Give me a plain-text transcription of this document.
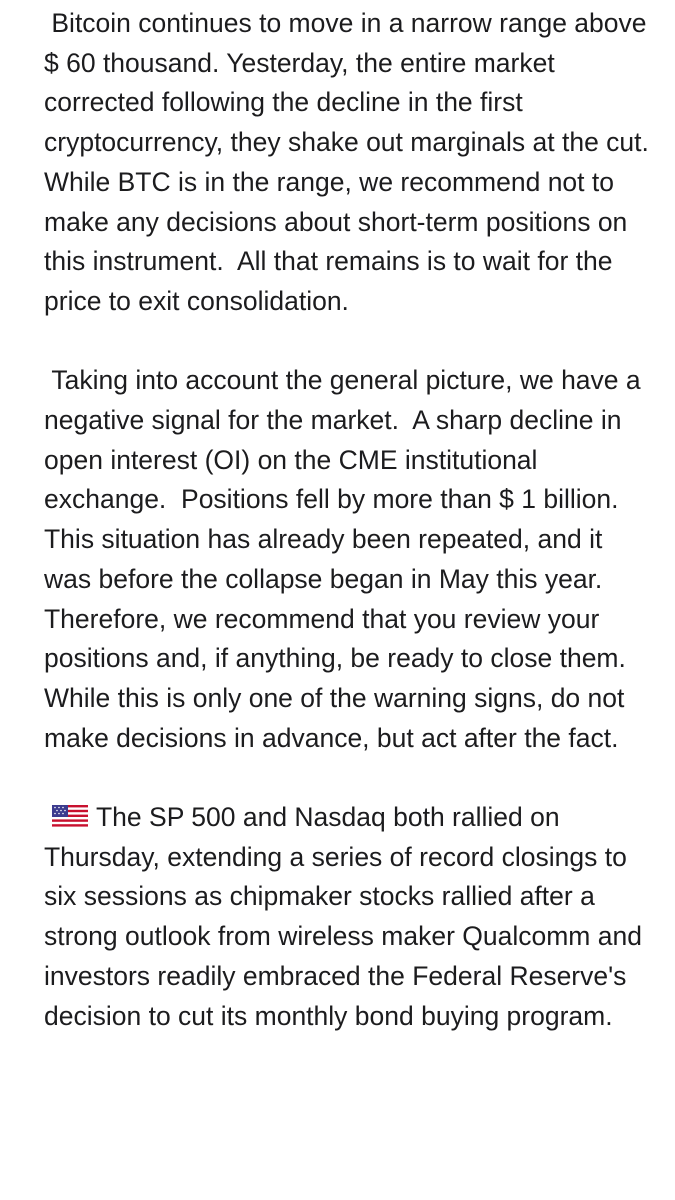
Bitcoin continues to move in a narrow range above $ 60 thousand. Yesterday, the entire market corrected following the decline in the first cryptocurrency, they shake out marginals at the cut.  While BTC is in the range, we recommend not to make any decisions about short-term positions on this instrument.  All that remains is to wait for the price to exit consolidation.

Taking into account the general picture, we have a negative signal for the market.  A sharp decline in open interest (OI) on the CME institutional exchange.  Positions fell by more than $ 1 billion. This situation has already been repeated, and it was before the collapse began in May this year.  Therefore, we recommend that you review your positions and, if anything, be ready to close them.  While this is only one of the warning signs, do not make decisions in advance, but act after the fact.

The SP 500 and Nasdaq both rallied on Thursday, extending a series of record closings to six sessions as chipmaker stocks rallied after a strong outlook from wireless maker Qualcomm and investors readily embraced the Federal Reserve's decision to cut its monthly bond buying program.
